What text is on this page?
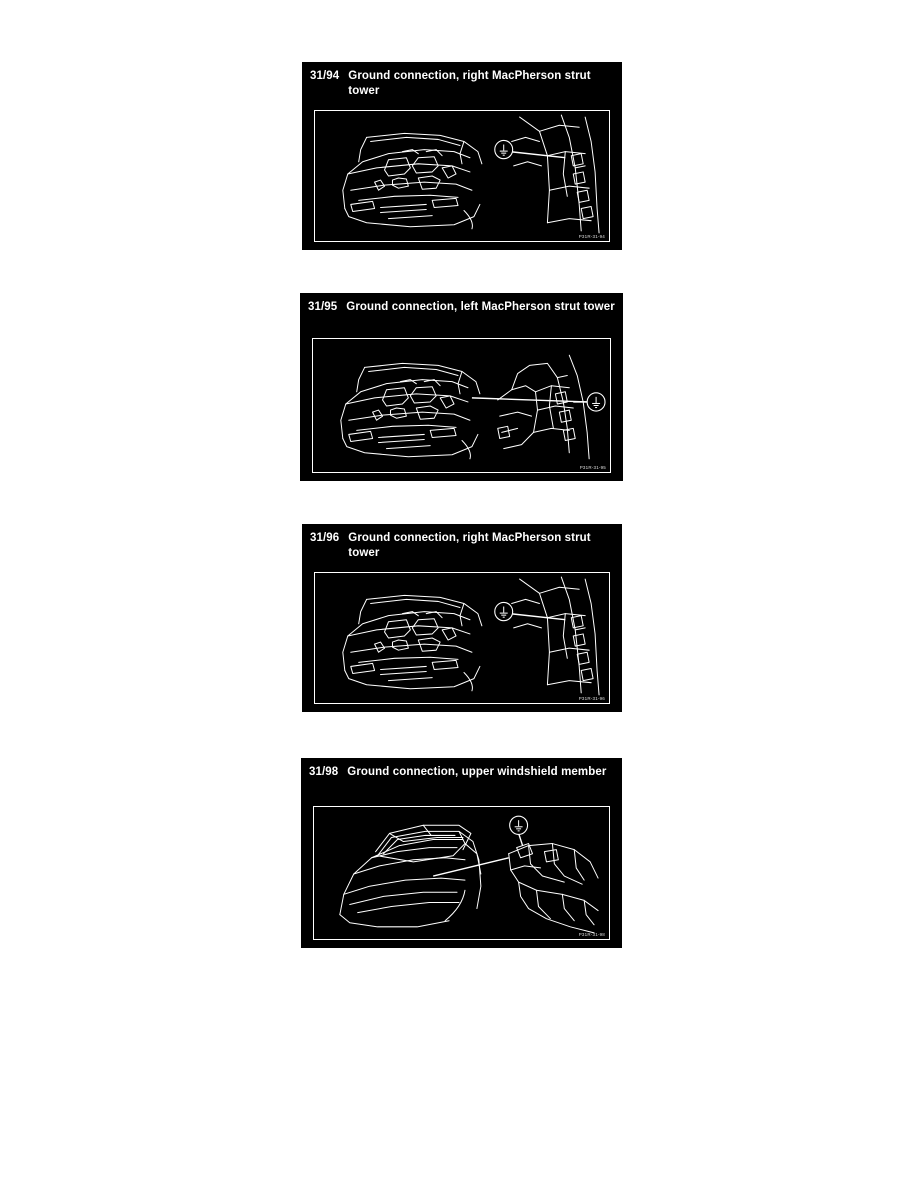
31/94 Ground connection, right MacPherson strut tower
P31R-31-94
31/95 Ground connection, left MacPherson strut tower
P31R-31-95
31/96 Ground connection, right MacPherson strut tower
P31R-31-96
31/98 Ground connection, upper windshield member
P31R-31-98
